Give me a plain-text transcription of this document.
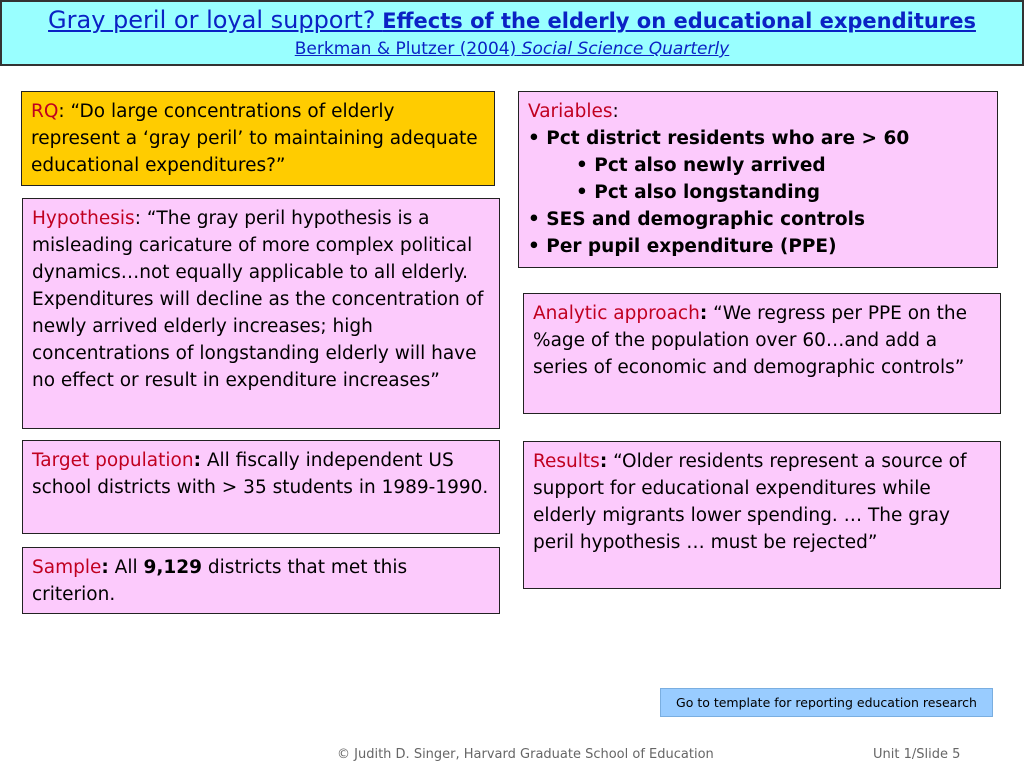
Gray peril or loyal support? Effects of the elderly on educational expenditures
Berkman & Plutzer (2004) Social Science Quarterly
RQ: “Do large concentrations of elderly represent a ‘gray peril’ to maintaining adequate educational expenditures?”
Hypothesis: “The gray peril hypothesis is a misleading caricature of more complex political dynamics…not equally applicable to all elderly. Expenditures will decline as the concentration of newly arrived elderly increases; high concentrations of longstanding elderly will have no effect or result in expenditure increases”
Target population: All fiscally independent US school districts with > 35 students in 1989-1990.
Sample: All 9,129 districts that met this criterion.
Variables:
• Pct district residents who are > 60
• Pct also newly arrived
• Pct also longstanding
• SES and demographic controls
• Per pupil expenditure (PPE)
Analytic approach: “We regress per PPE on the %age of the population over 60…and add a series of economic and demographic controls”
Results: “Older residents represent a source of support for educational expenditures while elderly migrants lower spending. … The gray peril hypothesis … must be rejected”
Go to template for reporting education research
© Judith D. Singer, Harvard Graduate School of Education	Unit 1/Slide 5
